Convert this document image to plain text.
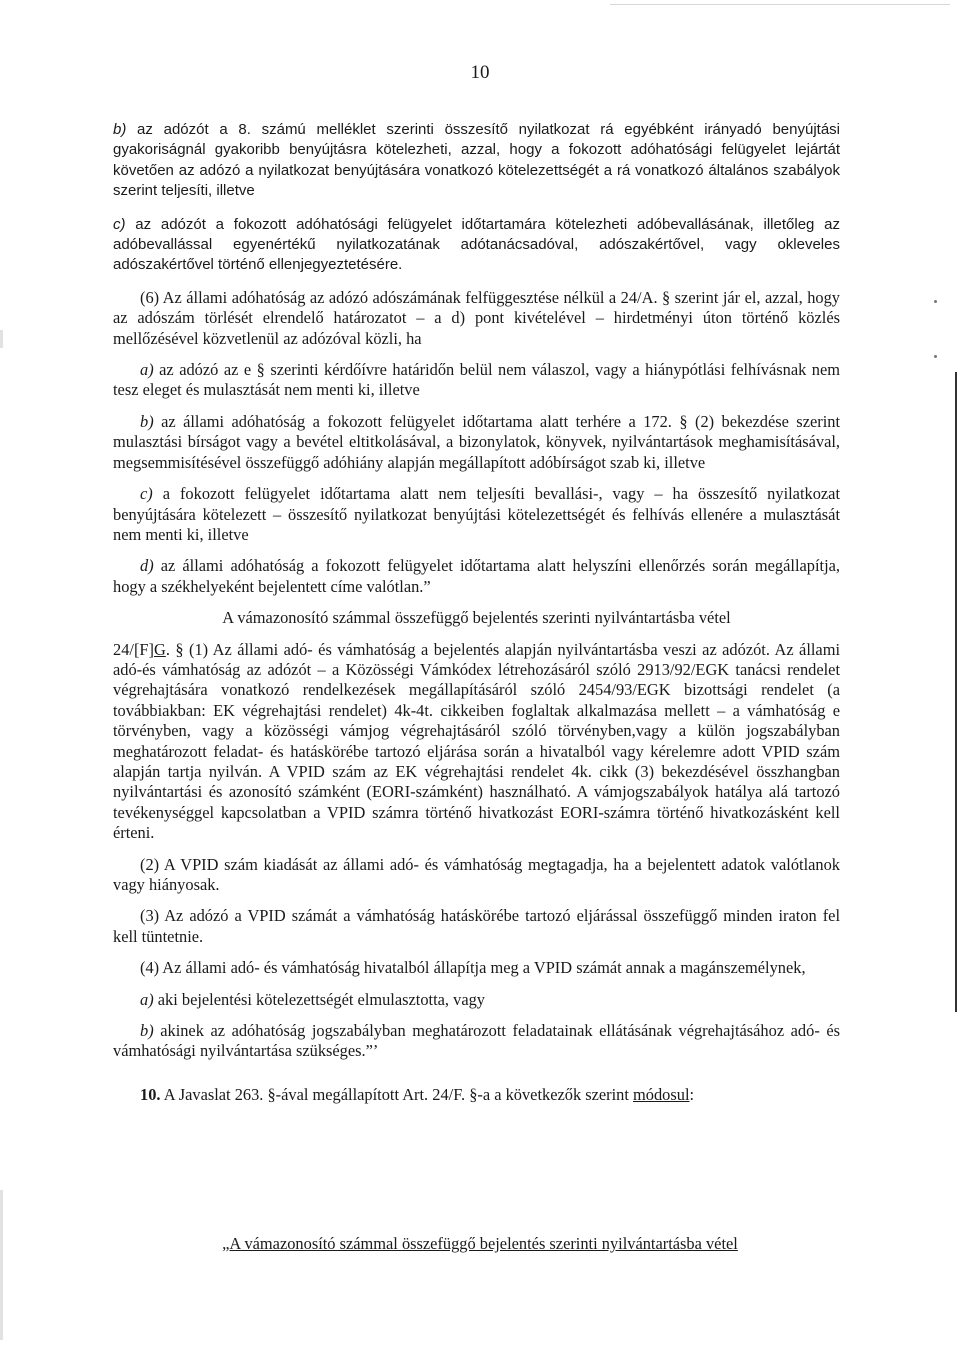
10

b) az adózót a 8. számú melléklet szerinti összesítő nyilatkozat rá egyébként irányadó benyújtási gyakoriságnál gyakoribb benyújtásra kötelezheti, azzal, hogy a fokozott adóhatósági felügyelet lejártát követően az adózó a nyilatkozat benyújtására vonatkozó kötelezettségét a rá vonatkozó általános szabályok szerint teljesíti, illetve

c) az adózót a fokozott adóhatósági felügyelet időtartamára kötelezheti adóbevallásának, illetőleg az adóbevallással egyenértékű nyilatkozatának adótanácsadóval, adószakértővel, vagy okleveles adószakértővel történő ellenjegyeztetésére.

(6) Az állami adóhatóság az adózó adószámának felfüggesztése nélkül a 24/A. § szerint jár el, azzal, hogy az adószám törlését elrendelő határozatot – a d) pont kivételével – hirdetményi úton történő közlés mellőzésével közvetlenül az adózóval közli, ha

a) az adózó az e § szerinti kérdőívre határidőn belül nem válaszol, vagy a hiánypótlási felhívásnak nem tesz eleget és mulasztását nem menti ki, illetve

b) az állami adóhatóság a fokozott felügyelet időtartama alatt terhére a 172. § (2) bekezdése szerint mulasztási bírságot vagy a bevétel eltitkolásával, a bizonylatok, könyvek, nyilvántartások meghamisításával, megsemmisítésével összefüggő adóhiány alapján megállapított adóbírságot szab ki, illetve

c) a fokozott felügyelet időtartama alatt nem teljesíti bevallási-, vagy – ha összesítő nyilatkozat benyújtására kötelezett – összesítő nyilatkozat benyújtási kötelezettségét és felhívás ellenére a mulasztását nem menti ki, illetve

d) az állami adóhatóság a fokozott felügyelet időtartama alatt helyszíni ellenőrzés során megállapítja, hogy a székhelyeként bejelentett címe valótlan.”

A vámazonosító számmal összefüggő bejelentés szerinti nyilvántartásba vétel

24/[F]G. § (1) Az állami adó- és vámhatóság a bejelentés alapján nyilvántartásba veszi az adózót. Az állami adó-és vámhatóság az adózót – a Közösségi Vámkódex létrehozásáról szóló 2913/92/EGK tanácsi rendelet végrehajtására vonatkozó rendelkezések megállapításáról szóló 2454/93/EGK bizottsági rendelet (a továbbiakban: EK végrehajtási rendelet) 4k-4t. cikkeiben foglaltak alkalmazása mellett – a vámhatóság e törvényben, vagy a közösségi vámjog végrehajtásáról szóló törvényben,vagy a külön jogszabályban meghatározott feladat- és hatáskörébe tartozó eljárása során a hivatalból vagy kérelemre adott VPID szám alapján tartja nyilván. A VPID szám az EK végrehajtási rendelet 4k. cikk (3) bekezdésével összhangban nyilvántartási és azonosító számként (EORI-számként) használható. A vámjogszabályok hatálya alá tartozó tevékenységgel kapcsolatban a VPID számra történő hivatkozást EORI-számra történő hivatkozásként kell érteni.

(2) A VPID szám kiadását az állami adó- és vámhatóság megtagadja, ha a bejelentett adatok valótlanok vagy hiányosak.

(3) Az adózó a VPID számát a vámhatóság hatáskörébe tartozó eljárással összefüggő minden iraton fel kell tüntetnie.

(4) Az állami adó- és vámhatóság hivatalból állapítja meg a VPID számát annak a magánszemélynek,

a) aki bejelentési kötelezettségét elmulasztotta, vagy

b) akinek az adóhatóság jogszabályban meghatározott feladatainak ellátásának végrehajtásához adó- és vámhatósági nyilvántartása szükséges.”’

10. A Javaslat 263. §-ával megállapított Art. 24/F. §-a a következők szerint módosul:

„A vámazonosító számmal összefüggő bejelentés szerinti nyilvántartásba vétel
